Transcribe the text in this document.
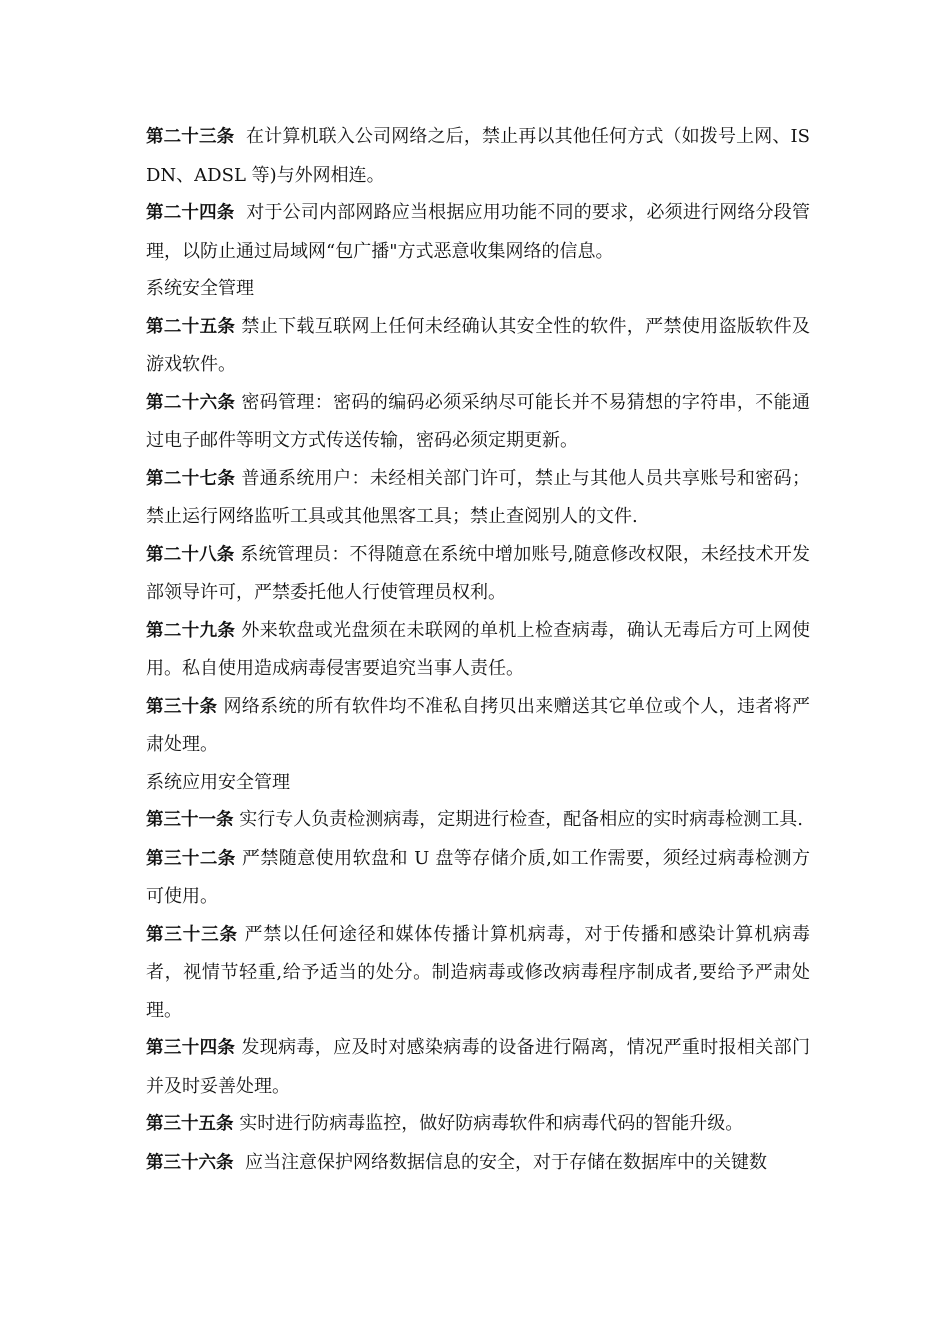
第二十三条 在计算机联入公司网络之后，禁止再以其他任何方式（如拨号上网、ISDN、ADSL 等)与外网相连。

第二十四条 对于公司内部网路应当根据应用功能不同的要求，必须进行网络分段管理，以防止通过局域网“包广播"方式恶意收集网络的信息。

系统安全管理

第二十五条 禁止下载互联网上任何未经确认其安全性的软件，严禁使用盗版软件及游戏软件。

第二十六条 密码管理：密码的编码必须采纳尽可能长并不易猜想的字符串，不能通过电子邮件等明文方式传送传输，密码必须定期更新。

第二十七条 普通系统用户：未经相关部门许可，禁止与其他人员共享账号和密码；禁止运行网络监听工具或其他黑客工具；禁止查阅别人的文件.

第二十八条 系统管理员：不得随意在系统中增加账号,随意修改权限，未经技术开发部领导许可，严禁委托他人行使管理员权利。

第二十九条 外来软盘或光盘须在未联网的单机上检查病毒，确认无毒后方可上网使用。私自使用造成病毒侵害要追究当事人责任。

第三十条 网络系统的所有软件均不准私自拷贝出来赠送其它单位或个人，违者将严肃处理。

系统应用安全管理

第三十一条 实行专人负责检测病毒，定期进行检查，配备相应的实时病毒检测工具.

第三十二条 严禁随意使用软盘和 U 盘等存储介质,如工作需要，须经过病毒检测方可使用。

第三十三条 严禁以任何途径和媒体传播计算机病毒，对于传播和感染计算机病毒者，视情节轻重,给予适当的处分。制造病毒或修改病毒程序制成者,要给予严肃处理。

第三十四条 发现病毒，应及时对感染病毒的设备进行隔离，情况严重时报相关部门并及时妥善处理。

第三十五条 实时进行防病毒监控，做好防病毒软件和病毒代码的智能升级。

第三十六条 应当注意保护网络数据信息的安全，对于存储在数据库中的关键数
